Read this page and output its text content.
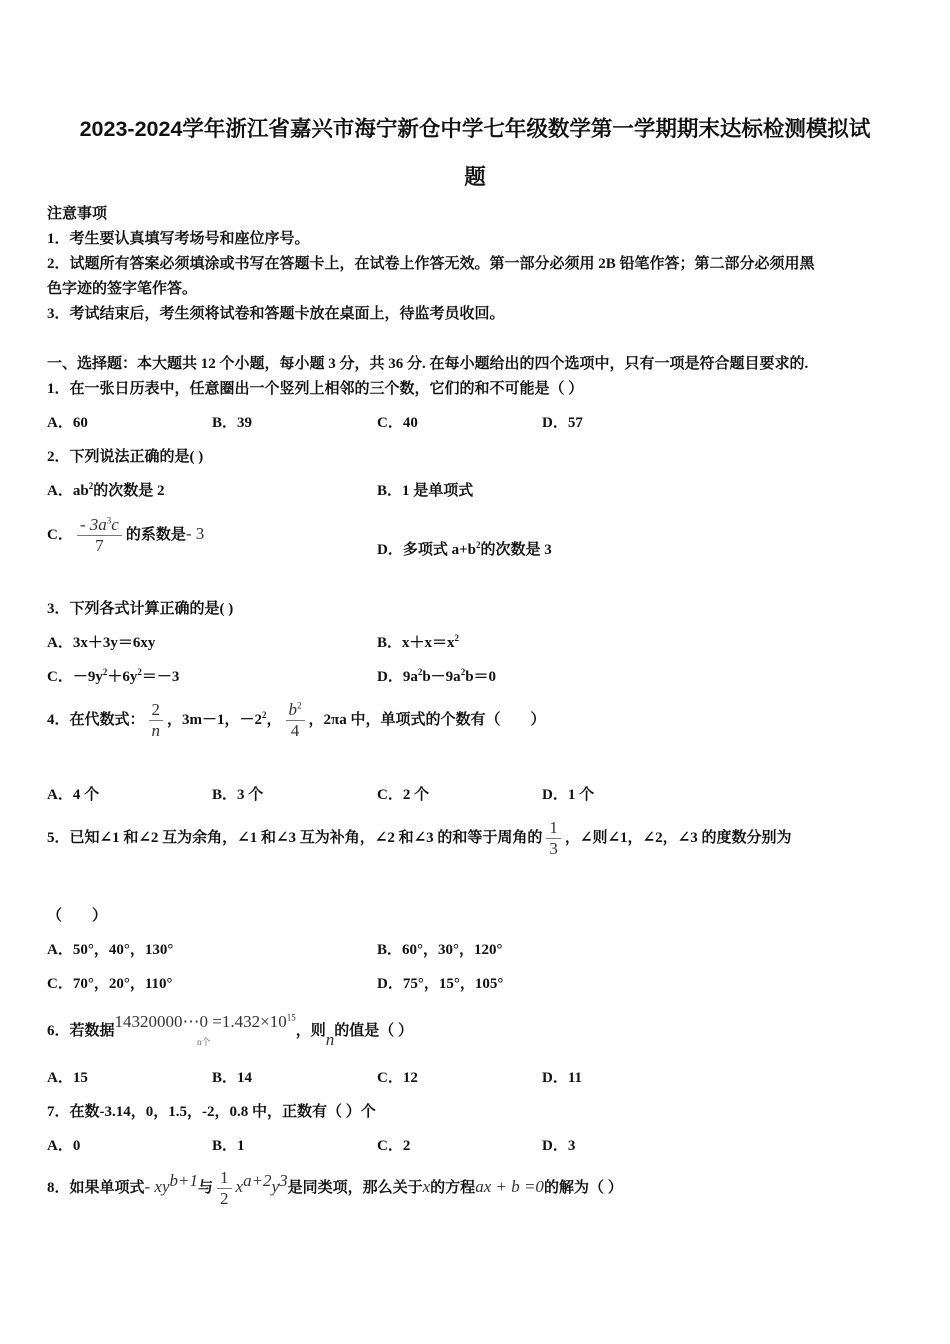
2023-2024学年浙江省嘉兴市海宁新仓中学七年级数学第一学期期末达标检测模拟试
题
注意事项
1．考生要认真填写考场号和座位序号。
2．试题所有答案必须填涂或书写在答题卡上，在试卷上作答无效。第一部分必须用 2B 铅笔作答；第二部分必须用黑
色字迹的签字笔作答。
3．考试结束后，考生须将试卷和答题卡放在桌面上，待监考员收回。
一、选择题：本大题共 12 个小题，每小题 3 分，共 36 分. 在每小题给出的四个选项中，只有一项是符合题目要求的.
1．在一张日历表中，任意圈出一个竖列上相邻的三个数，它们的和不可能是（ ）
A．60	B．39	C．40	D．57
2．下列说法正确的是( )
A．$ab^2$的次数是 2	B．1 是单项式
C． $\frac{- 3a^3c}{7}$ 的系数是- 3
D．多项式 $a+b^2$的次数是 3
3．下列各式计算正确的是( )
A．3x＋3y＝6xy	B．$x+x=x^2$
C．$-9y^2+6y^2=-3$	D．$9a^2b-9a^2b=0$
4．在代数式： $\frac{2}{n}$ ，3m－1，$-2^2$， $\frac{b^2}{4}$ ，2πa 中，单项式的个数有（　　）
A．4 个	B．3 个	C．2 个	D．1 个
5．已知∠1 和∠2 互为余角，∠1 和∠3 互为补角，∠2 和∠3 的和等于周角的 $\frac{1}{3}$ ，∠则∠1，∠2，∠3 的度数分别为
（　　）
A．50°，40°，130°	B．60°，30°，120°
C．70°，20°，110°	D．75°，15°，105°
6．若数据14320000⋯0 $=1.432\times 10^{15}$，则n的值是（ ）
n个
A．15	B．14	C．12	D．11
7．在数-3.14，0，1.5，-2，0.8 中，正数有（ ）个
A．0	B．1	C．2	D．3
8．如果单项式- $xy^{b+1}$与 $\frac{1}{2} x^{a+2}y^3$是同类项，那么关于x的方程ax + b =0的解为（ ）
